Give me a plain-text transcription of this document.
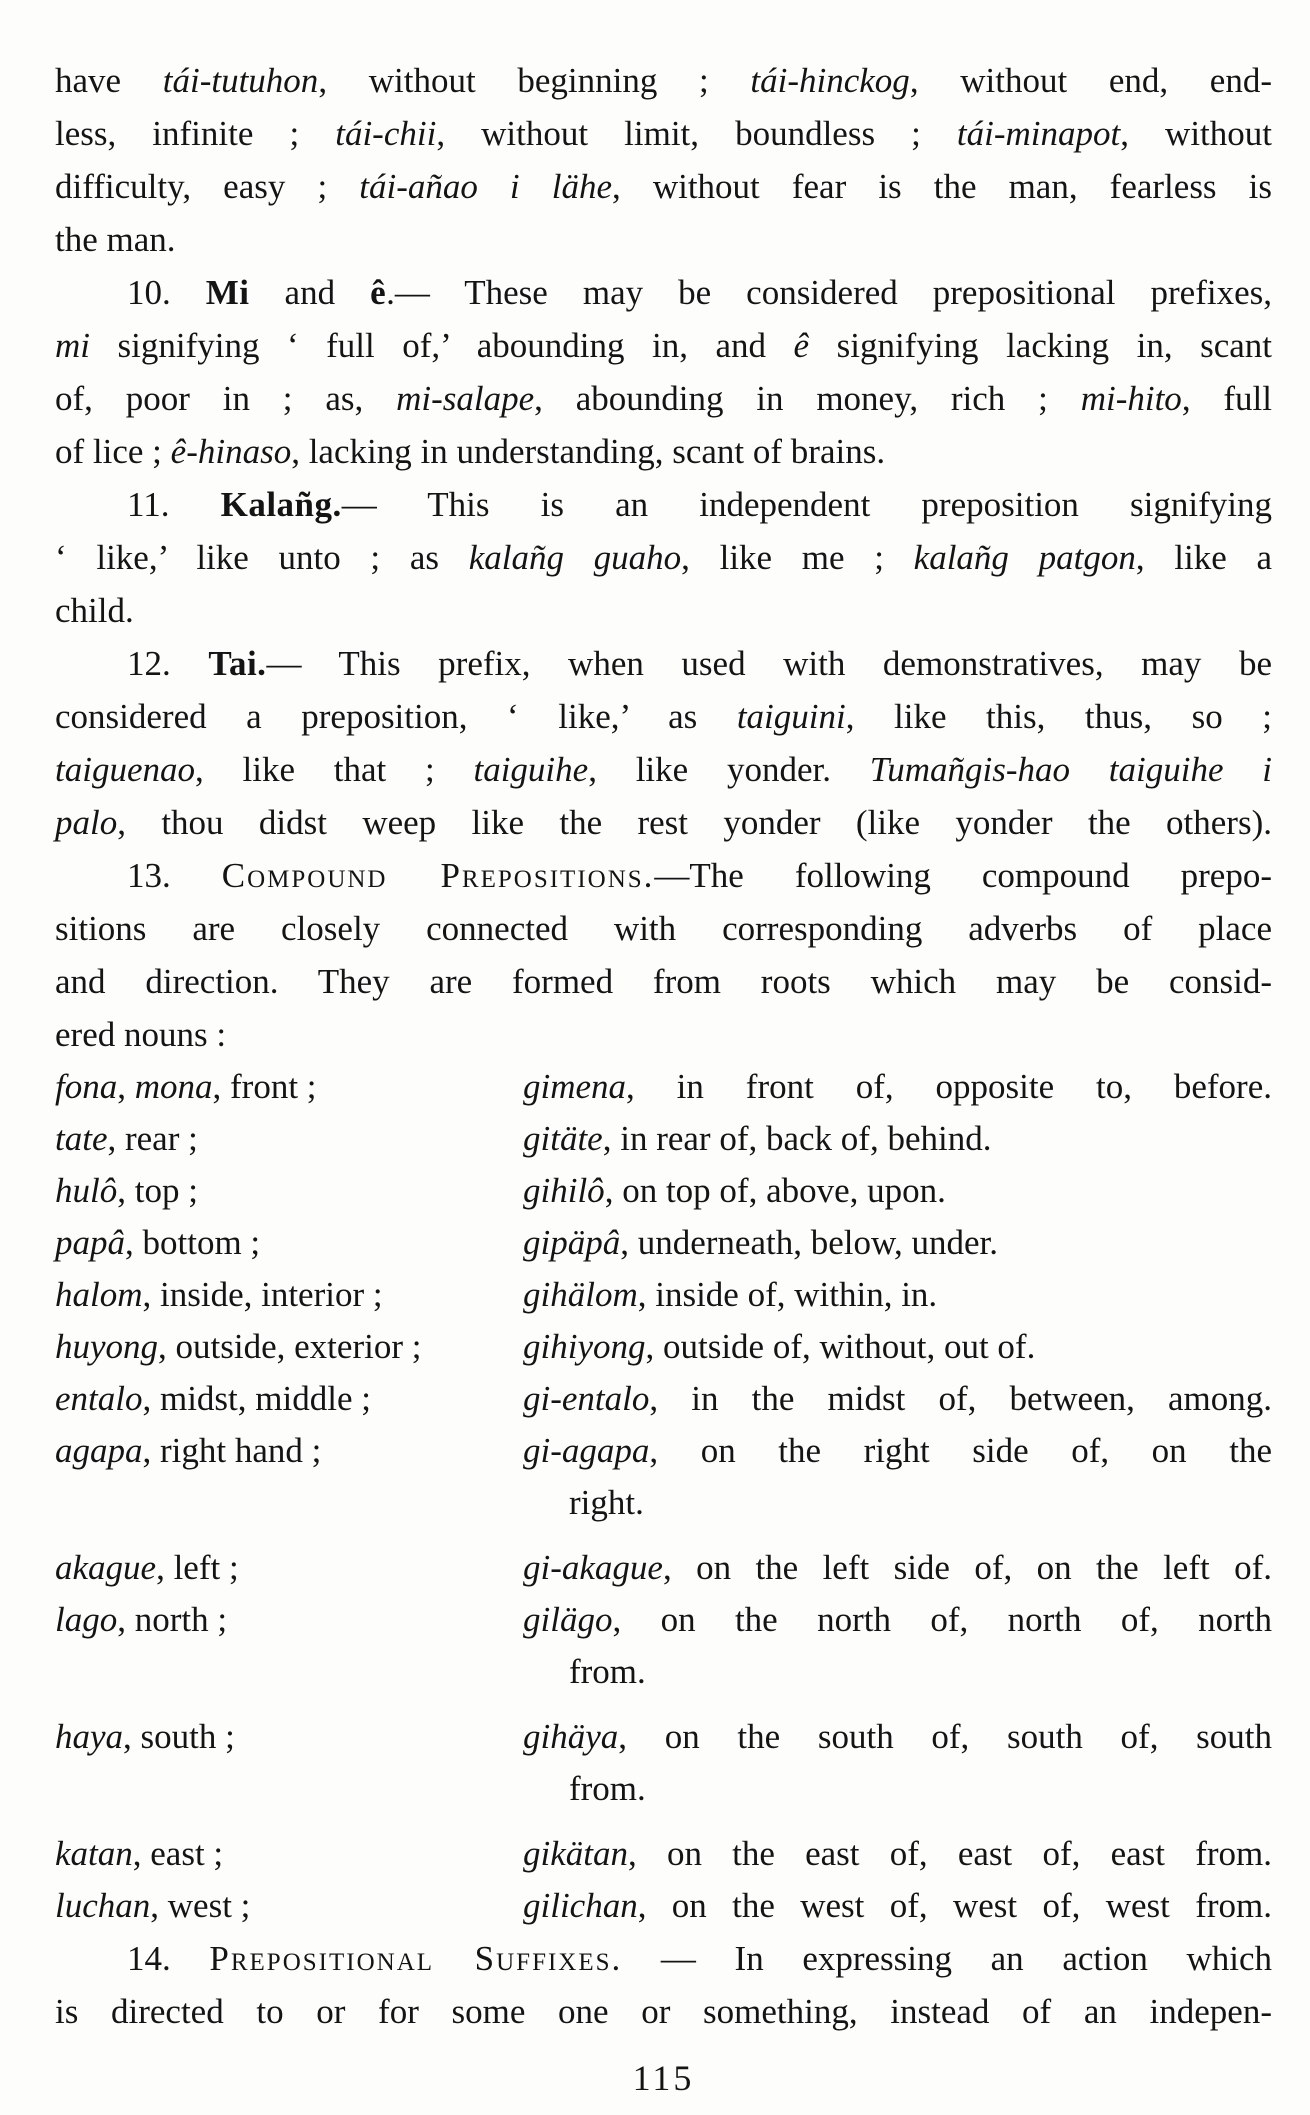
have tái-tutuhon, without beginning ; tái-hinckog, without end, end-
less, infinite ; tái-chii, without limit, boundless ; tái-minapot, without
difficulty, easy ; tái-añao i lähe, without fear is the man, fearless is
the man.
10. Mi and ê.— These may be considered prepositional prefixes,
mi signifying ‘ full of,’ abounding in, and ê signifying lacking in, scant
of, poor in ; as, mi-salape, abounding in money, rich ; mi-hito, full
of lice ; ê-hinaso, lacking in understanding, scant of brains.
11. Kalañg.— This is an independent preposition signifying
‘ like,’ like unto ; as kalañg guaho, like me ; kalañg patgon, like a
child.
12. Tai.— This prefix, when used with demonstratives, may be
considered a preposition, ‘ like,’ as taiguini, like this, thus, so ;
taiguenao, like that ; taiguihe, like yonder. Tumañgis-hao taiguihe i
palo, thou didst weep like the rest yonder (like yonder the others).
13. Compound Prepositions.—The following compound prepo-
sitions are closely connected with corresponding adverbs of place
and direction. They are formed from roots which may be consid-
ered nouns :
fona, mona, front ;	gimena, in front of, opposite to, before.
tate, rear ;	gitäte, in rear of, back of, behind.
hulô, top ;	gihilô, on top of, above, upon.
papâ, bottom ;	gipäpâ, underneath, below, under.
halom, inside, interior ;	gihälom, inside of, within, in.
huyong, outside, exterior ;	gihiyong, outside of, without, out of.
entalo, midst, middle ;	gi-entalo, in the midst of, between, among.
agapa, right hand ;	gi-agapa, on the right side of, on the
right.
akague, left ;	gi-akague, on the left side of, on the left of.
lago, north ;	gilägo, on the north of, north of, north
from.
haya, south ;	gihäya, on the south of, south of, south
from.
katan, east ;	gikätan, on the east of, east of, east from.
luchan, west ;	gilichan, on the west of, west of, west from.
14. Prepositional Suffixes. — In expressing an action which
is directed to or for some one or something, instead of an indepen-
115
